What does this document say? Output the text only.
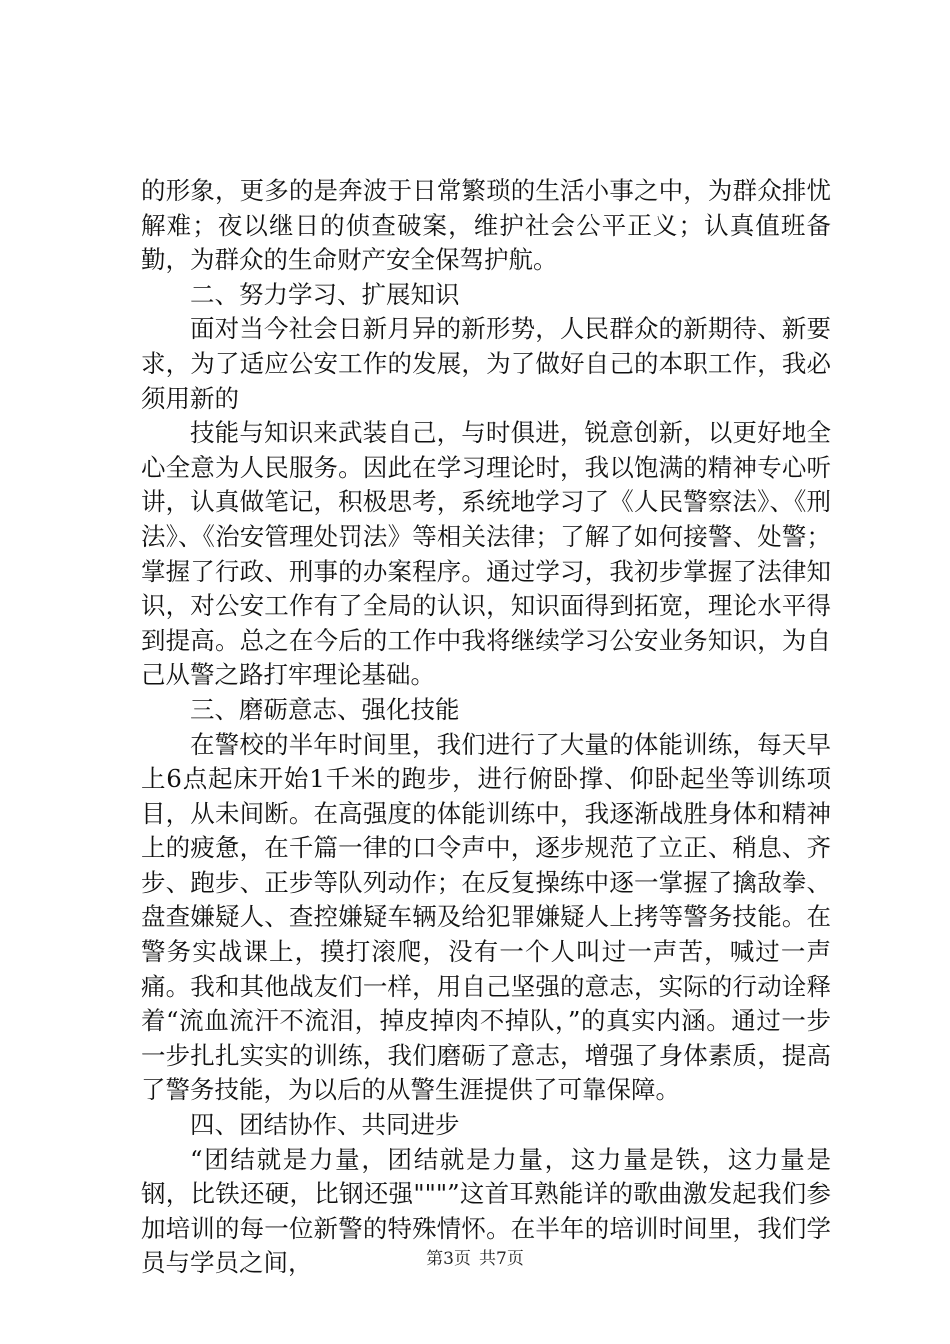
的形象，更多的是奔波于日常繁琐的生活小事之中，为群众排忧解难；夜以继日的侦查破案，维护社会公平正义；认真值班备勤，为群众的生命财产安全保驾护航。

二、努力学习、扩展知识

面对当今社会日新月异的新形势，人民群众的新期待、新要求，为了适应公安工作的发展，为了做好自己的本职工作，我必须用新的

技能与知识来武装自己，与时俱进，锐意创新，以更好地全心全意为人民服务。因此在学习理论时，我以饱满的精神专心听讲，认真做笔记，积极思考，系统地学习了《人民警察法》、《刑法》、《治安管理处罚法》等相关法律；了解了如何接警、处警；掌握了行政、刑事的办案程序。通过学习，我初步掌握了法律知识，对公安工作有了全局的认识，知识面得到拓宽，理论水平得到提高。总之在今后的工作中我将继续学习公安业务知识，为自己从警之路打牢理论基础。

三、磨砺意志、强化技能

在警校的半年时间里，我们进行了大量的体能训练，每天早上6点起床开始1千米的跑步，进行俯卧撑、仰卧起坐等训练项目，从未间断。在高强度的体能训练中，我逐渐战胜身体和精神上的疲惫，在千篇一律的口令声中，逐步规范了立正、稍息、齐步、跑步、正步等队列动作；在反复操练中逐一掌握了擒敌拳、盘查嫌疑人、查控嫌疑车辆及给犯罪嫌疑人上拷等警务技能。在警务实战课上，摸打滚爬，没有一个人叫过一声苦，喊过一声痛。我和其他战友们一样，用自己坚强的意志，实际的行动诠释着“流血流汗不流泪，掉皮掉肉不掉队，”的真实内涵。通过一步一步扎扎实实的训练，我们磨砺了意志，增强了身体素质，提高了警务技能，为以后的从警生涯提供了可靠保障。

四、团结协作、共同进步

“团结就是力量，团结就是力量，这力量是铁，这力量是钢，比铁还硬，比钢还强"""”这首耳熟能详的歌曲激发起我们参加培训的每一位新警的特殊情怀。在半年的培训时间里，我们学员与学员之间，	第3页 共7页
